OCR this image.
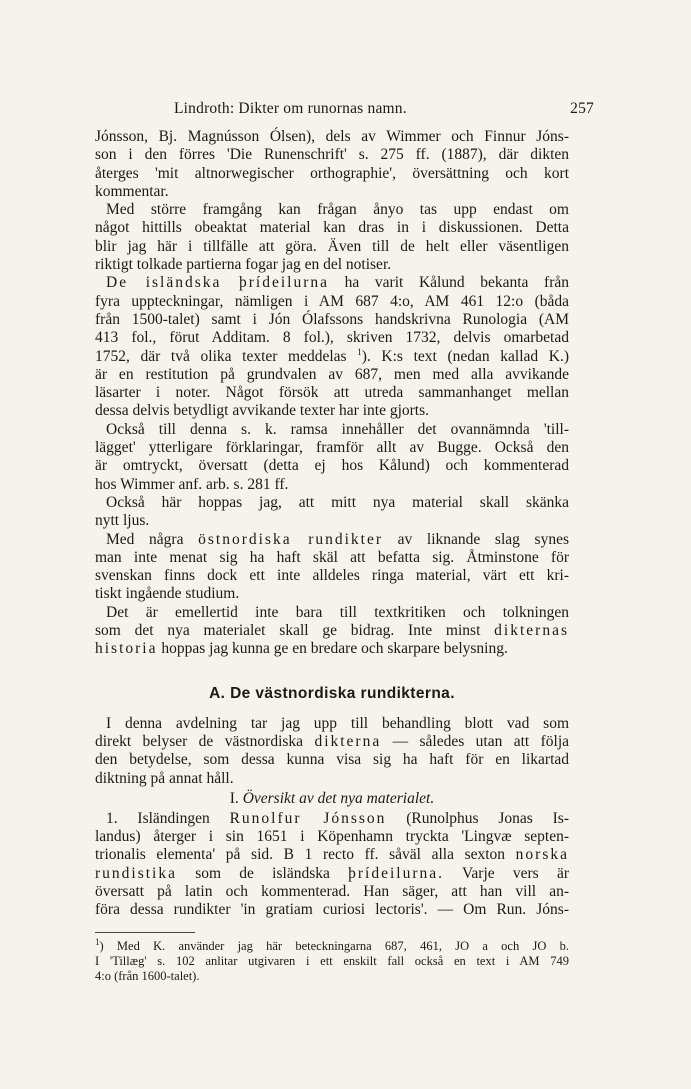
Lindroth: Dikter om runornas namn.	257
Jónsson, Bj. Magnússon Ólsen), dels av Wimmer och Finnur Jóns-
son i den förres 'Die Runenschrift' s. 275 ff. (1887), där dikten
återges 'mit altnorwegischer orthographie', översättning och kort
kommentar.
Med större framgång kan frågan ånyo tas upp endast om
något hittills obeaktat material kan dras in i diskussionen. Detta
blir jag här i tillfälle att göra. Även till de helt eller väsentligen
riktigt tolkade partierna fogar jag en del notiser.
De isländska þrídeilurna ha varit Kålund bekanta från
fyra uppteckningar, nämligen i AM 687 4:o, AM 461 12:o (båda
från 1500-talet) samt i Jón Ólafssons handskrivna Runologia (AM
413 fol., förut Additam. 8 fol.), skriven 1732, delvis omarbetad
1752, där två olika texter meddelas $^1$). K:s text (nedan kallad K.)
är en restitution på grundvalen av 687, men med alla avvikande
läsarter i noter. Något försök att utreda sammanhanget mellan
dessa delvis betydligt avvikande texter har inte gjorts.
Också till denna s. k. ramsa innehåller det ovannämnda 'till-
lägget' ytterligare förklaringar, framför allt av Bugge. Också den
är omtryckt, översatt (detta ej hos Kålund) och kommenterad
hos Wimmer anf. arb. s. 281 ff.
Också här hoppas jag, att mitt nya material skall skänka
nytt ljus.
Med några östnordiska rundikter av liknande slag synes
man inte menat sig ha haft skäl att befatta sig. Åtminstone för
svenskan finns dock ett inte alldeles ringa material, värt ett kri-
tiskt ingående studium.
Det är emellertid inte bara till textkritiken och tolkningen
som det nya materialet skall ge bidrag. Inte minst dikternas
historia hoppas jag kunna ge en bredare och skarpare belysning.
A. De västnordiska rundikterna.
I denna avdelning tar jag upp till behandling blott vad som
direkt belyser de västnordiska dikterna — således utan att följa
den betydelse, som dessa kunna visa sig ha haft för en likartad
diktning på annat håll.
I. Översikt av det nya materialet.
1. Isländingen Runolfur Jónsson (Runolphus Jonas Is-
landus) återger i sin 1651 i Köpenhamn tryckta 'Lingvæ septen-
trionalis elementa' på sid. B 1 recto ff. såväl alla sexton norska
rundistika som de isländska þrídeilurna. Varje vers är
översatt på latin och kommenterad. Han säger, att han vill an-
föra dessa rundikter 'in gratiam curiosi lectoris'. — Om Run. Jóns-
$^1$) Med K. använder jag här beteckningarna 687, 461, JO a och JO b.
I 'Tillæg' s. 102 anlitar utgivaren i ett enskilt fall också en text i AM 749
4:o (från 1600-talet).
